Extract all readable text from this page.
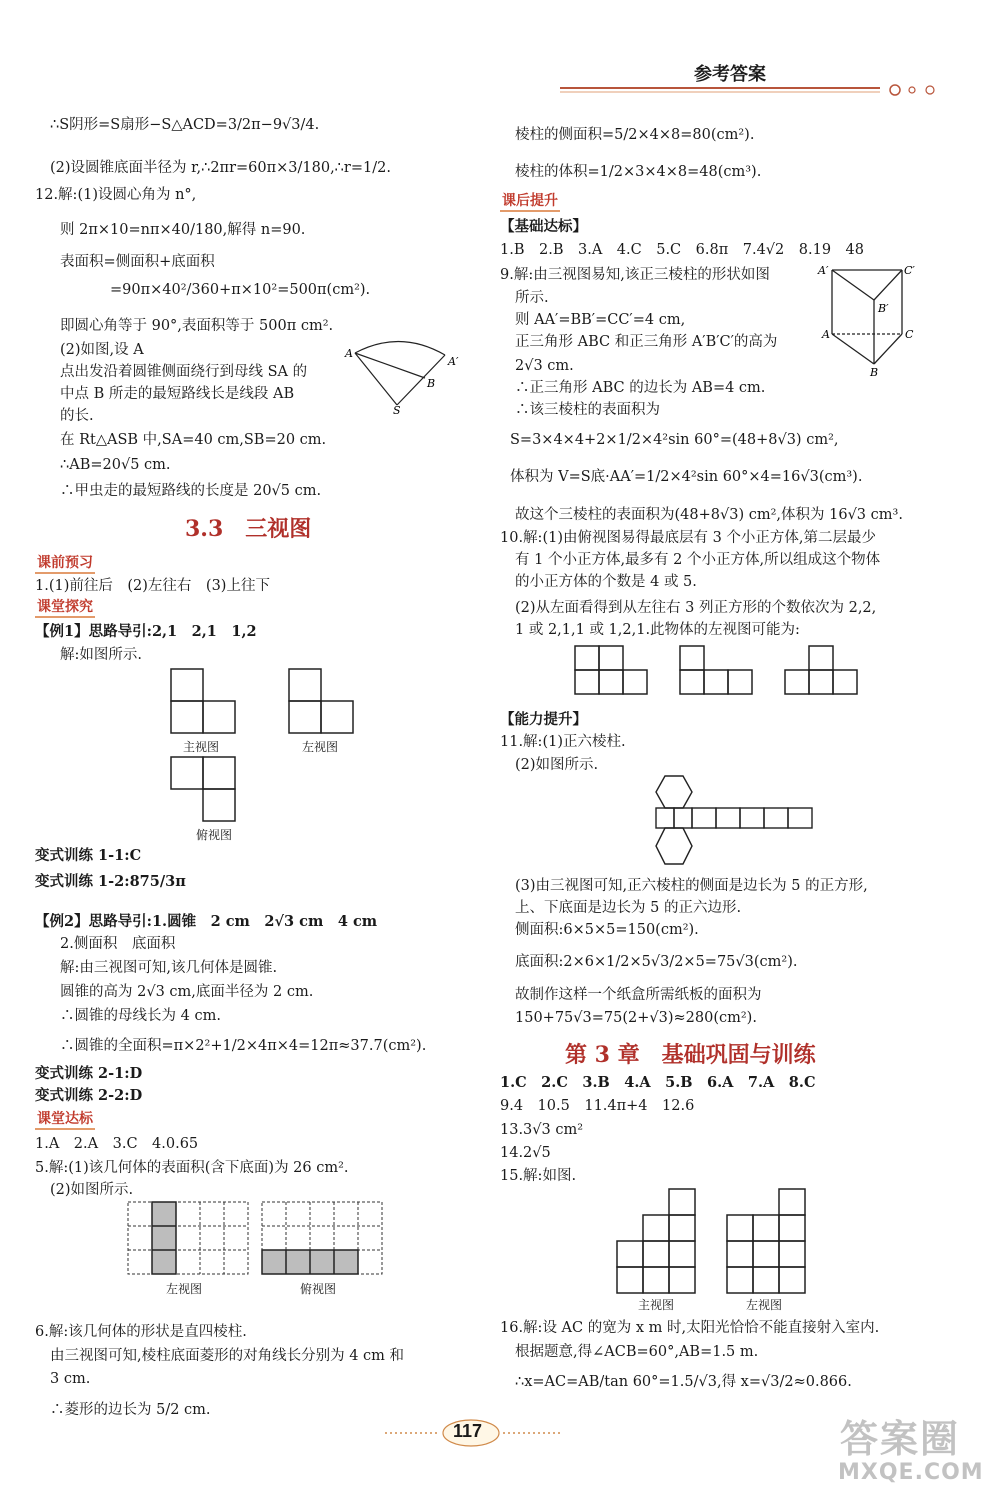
参考答案
∴S阴形=S扇形−S△ACD=3/2π−9√3/4.
(2)设圆锥底面半径为 r,∴2πr=60π×3/180,∴r=1/2.
12.解:(1)设圆心角为 n°,
则 2π×10=nπ×40/180,解得 n=90.
表面积=侧面积+底面积
=90π×40²/360+π×10²=500π(cm²).
即圆心角等于 90°,表面积等于 500π cm².
(2)如图,设 A
点出发沿着圆锥侧面绕行到母线 SA 的
中点 B 所走的最短路线长是线段 AB
的长.
A
A′
B
S
在 Rt△ASB 中,SA=40 cm,SB=20 cm.
∴AB=20√5 cm.
∴甲虫走的最短路线的长度是 20√5 cm.
3.3　三视图
课前预习
1.(1)前往后　(2)左往右　(3)上往下
课堂探究
【例1】思路导引:2,1　2,1　1,2
解:如图所示.
主视图	左视图
俯视图
变式训练 1-1:C
变式训练 1-2:875/3π
【例2】思路导引:1.圆锥　2 cm　2√3 cm　4 cm
2.侧面积　底面积
解:由三视图可知,该几何体是圆锥.
圆锥的高为 2√3 cm,底面半径为 2 cm.
∴圆锥的母线长为 4 cm.
∴圆锥的全面积=π×2²+1/2×4π×4=12π≈37.7(cm²).
变式训练 2-1:D
变式训练 2-2:D
课堂达标
1.A　2.A　3.C　4.0.65
5.解:(1)该几何体的表面积(含下底面)为 26 cm².
(2)如图所示.
左视图	俯视图
6.解:该几何体的形状是直四棱柱.
由三视图可知,棱柱底面菱形的对角线长分别为 4 cm 和
3 cm.
∴菱形的边长为 5/2 cm.
棱柱的侧面积=5/2×4×8=80(cm²).
棱柱的体积=1/2×3×4×8=48(cm³).
课后提升
【基础达标】
1.B　2.B　3.A　4.C　5.C　6.8π　7.4√2　8.19　48
9.解:由三视图易知,该正三棱柱的形状如图
所示.
则 AA′=BB′=CC′=4 cm,
正三角形 ABC 和正三角形 A′B′C′的高为
2√3 cm.
A′	C′
B′
A	C
B
∴正三角形 ABC 的边长为 AB=4 cm.
∴该三棱柱的表面积为
S=3×4×4+2×1/2×4²sin 60°=(48+8√3) cm²,
体积为 V=S底·AA′=1/2×4²sin 60°×4=16√3(cm³).
故这个三棱柱的表面积为(48+8√3) cm²,体积为 16√3 cm³.
10.解:(1)由俯视图易得最底层有 3 个小正方体,第二层最少
有 1 个小正方体,最多有 2 个小正方体,所以组成这个物体
的小正方体的个数是 4 或 5.
(2)从左面看得到从左往右 3 列正方形的个数依次为 2,2,
1 或 2,1,1 或 1,2,1.此物体的左视图可能为:
【能力提升】
11.解:(1)正六棱柱.
(2)如图所示.
(3)由三视图可知,正六棱柱的侧面是边长为 5 的正方形,
上、下底面是边长为 5 的正六边形.
侧面积:6×5×5=150(cm²).
底面积:2×6×1/2×5√3/2×5=75√3(cm²).
故制作这样一个纸盒所需纸板的面积为
150+75√3=75(2+√3)≈280(cm²).
第 3 章　基础巩固与训练
1.C　2.C　3.B　4.A　5.B　6.A　7.A　8.C
9.4　10.5　11.4π+4　12.6
13.3√3 cm²
14.2√5
15.解:如图.
主视图	左视图
16.解:设 AC 的宽为 x m 时,太阳光恰恰不能直接射入室内.
根据题意,得∠ACB=60°,AB=1.5 m.
∴x=AC=AB/tan 60°=1.5/√3,得 x=√3/2≈0.866.
117	答案圈
MXQE.COM
